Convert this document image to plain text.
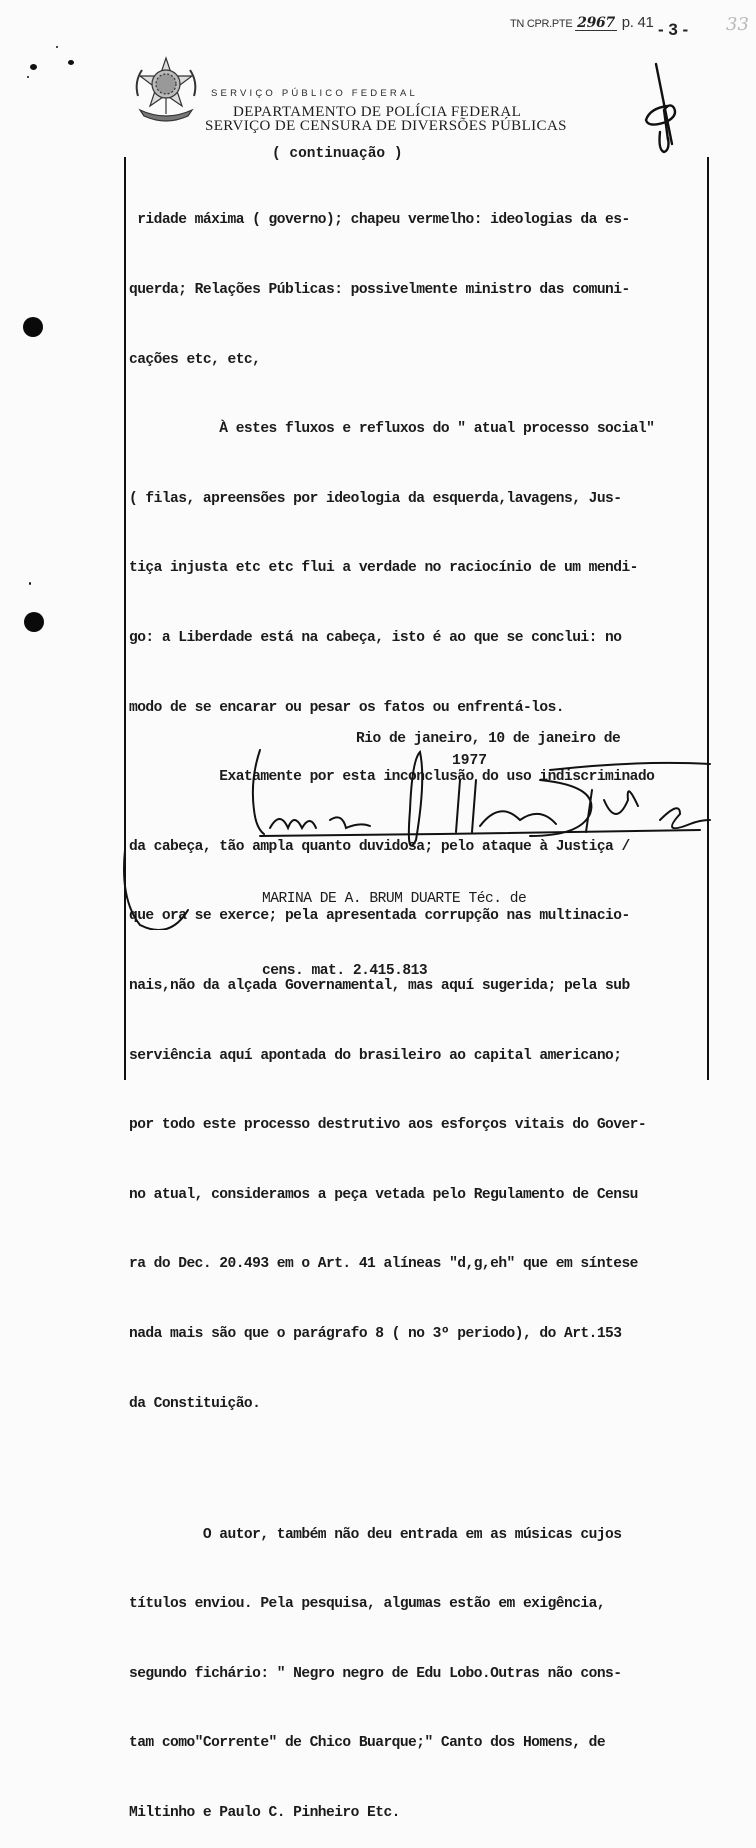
TN CPR.PTE 2967 p. 41 - 3 - 33
SERVIÇO PÚBLICO FEDERAL
DEPARTAMENTO DE POLÍCIA FEDERAL
SERVIÇO DE CENSURA DE DIVERSÕES PÚBLICAS
( continuação )

ridade máxima ( governo); chapeu vermelho: ideologias da es-

querda; Relações Públicas: possivelmente ministro das comuni-

cações etc, etc,

À estes fluxos e refluxos do " atual processo social"

( filas, apreensões por ideologia da esquerda,lavagens, Jus-

tiça injusta etc etc flui a verdade no raciocínio de um mendi-

go: a Liberdade está na cabeça, isto é ao que se conclui: no

modo de se encarar ou pesar os fatos ou enfrentá-los.

Exatamente por esta inconclusão do uso indiscriminado

da cabeça, tão ampla quanto duvidosa; pelo ataque à Justiça /

que ora se exerce; pela apresentada corrupção nas multinacio-

nais,não da alçada Governamental, mas aquí sugerida; pela sub

serviência aquí apontada do brasileiro ao capital americano;

por todo este processo destrutivo aos esforços vitais do Gover-

no atual, consideramos a peça vetada pelo Regulamento de Censu

ra do Dec. 20.493 em o Art. 41 alíneas "d,g,eh" que em síntese

nada mais são que o parágrafo 8 ( no 3º periodo), do Art.153

da Constituição.

O autor, também não deu entrada em as músicas cujos

títulos enviou. Pela pesquisa, algumas estão em exigência,

segundo fichário: " Negro negro de Edu Lobo.Outras não cons-

tam como"Corrente" de Chico Buarque;" Canto dos Homens, de

Miltinho e Paulo C. Pinheiro Etc.

Rio de janeiro, 10 de janeiro de
1977

MARINA DE A. BRUM DUARTE Téc. de

cens. mat. 2.415.813
